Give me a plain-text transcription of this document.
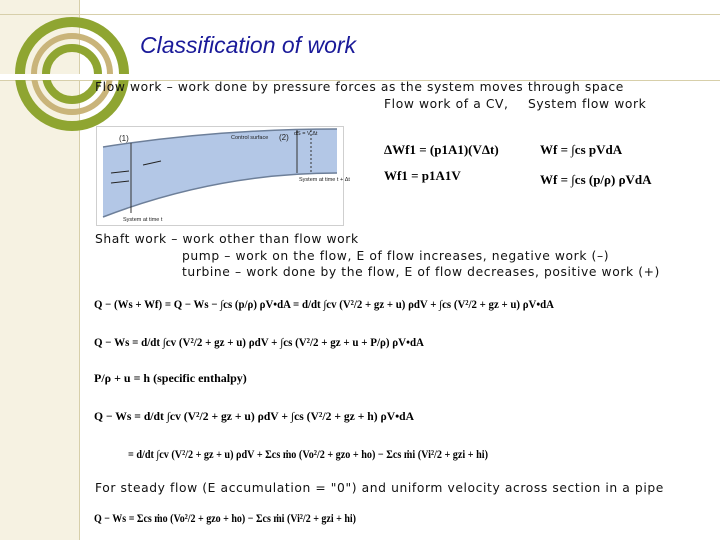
Classification of work
Flow work – work done by pressure forces as the system moves through space
Flow work of a CV, System flow work
(1)	(2)
Control surface
dS = V Δt
System at time t + Δt
System at time t
ΔWf1 = (p1A1)(VΔt)
Wf1 = p1A1V
Wf = ∫cs pVdA
Wf = ∫cs (p/ρ) ρVdA
Shaft work – work other than flow work
pump – work on the flow, E of flow increases, negative work (–)
turbine – work done by the flow, E of flow decreases, positive work (+)
Q − (Ws + Wf) = Q − Ws − ∫cs (p/ρ) ρV•dA = d/dt ∫cv (V²/2 + gz + u) ρdV + ∫cs (V²/2 + gz + u) ρV•dA
Q − Ws = d/dt ∫cv (V²/2 + gz + u) ρdV + ∫cs (V²/2 + gz + u + P/ρ) ρV•dA
P/ρ + u = h (specific enthalpy)
Q − Ws = d/dt ∫cv (V²/2 + gz + u) ρdV + ∫cs (V²/2 + gz + h) ρV•dA
= d/dt ∫cv (V²/2 + gz + u) ρdV + Σcs ṁo (Vo²/2 + gzo + ho) − Σcs ṁi (Vi²/2 + gzi + hi)
For steady flow (E accumulation = "0") and uniform velocity across section in a pipe
Q − Ws = Σcs ṁo (Vo²/2 + gzo + ho) − Σcs ṁi (Vi²/2 + gzi + hi)
